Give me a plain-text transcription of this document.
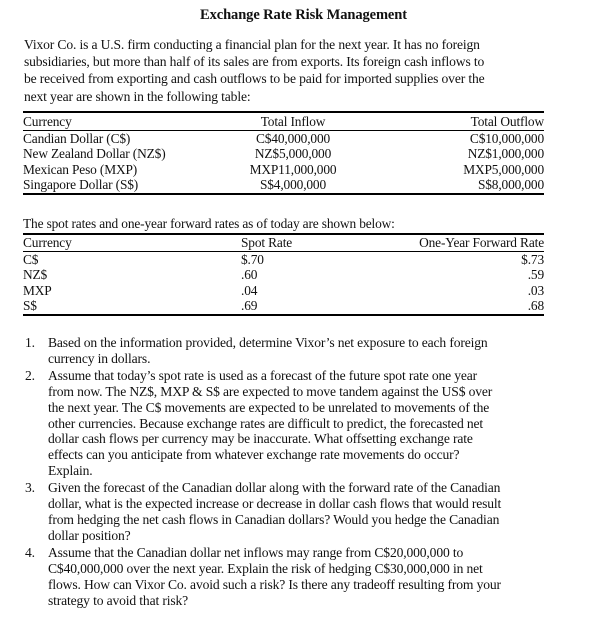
Exchange Rate Risk Management
Vixor Co. is a U.S. firm conducting a financial plan for the next year. It has no foreign
subsidiaries, but more than half of its sales are from exports. Its foreign cash inflows to
be received from exporting and cash outflows to be paid for imported supplies over the
next year are shown in the following table:
Currency	Total Inflow	Total Outflow
Candian Dollar (C$)	C$40,000,000	C$10,000,000
New Zealand Dollar (NZ$)	NZ$5,000,000	NZ$1,000,000
Mexican Peso (MXP)	MXP11,000,000	MXP5,000,000
Singapore Dollar (S$)	S$4,000,000	S$8,000,000
The spot rates and one-year forward rates as of today are shown below:
Currency	Spot Rate	One-Year Forward Rate
C$	$.70	$.73
NZ$	.60	.59
MXP	.04	.03
S$	.69	.68
1. Based on the information provided, determine Vixor’s net exposure to each foreign
currency in dollars.
2. Assume that today’s spot rate is used as a forecast of the future spot rate one year
from now. The NZ$, MXP & S$ are expected to move tandem against the US$ over
the next year. The C$ movements are expected to be unrelated to movements of the
other currencies. Because exchange rates are difficult to predict, the forecasted net
dollar cash flows per currency may be inaccurate. What offsetting exchange rate
effects can you anticipate from whatever exchange rate movements do occur?
Explain.
3. Given the forecast of the Canadian dollar along with the forward rate of the Canadian
dollar, what is the expected increase or decrease in dollar cash flows that would result
from hedging the net cash flows in Canadian dollars? Would you hedge the Canadian
dollar position?
4. Assume that the Canadian dollar net inflows may range from C$20,000,000 to
C$40,000,000 over the next year. Explain the risk of hedging C$30,000,000 in net
flows. How can Vixor Co. avoid such a risk? Is there any tradeoff resulting from your
strategy to avoid that risk?
